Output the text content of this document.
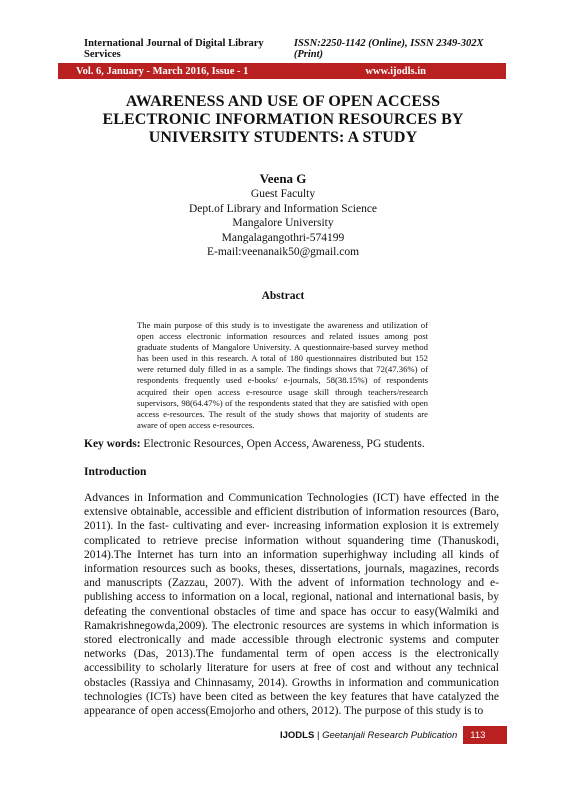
International Journal of Digital Library Services
ISSN:2250-1142 (Online), ISSN 2349-302X (Print)
Vol. 6, January - March 2016, Issue - 1	www.ijodls.in
AWARENESS AND USE OF OPEN ACCESS
ELECTRONIC INFORMATION RESOURCES BY
UNIVERSITY STUDENTS: A STUDY
Veena G
Guest Faculty
Dept.of Library and Information Science
Mangalore University
Mangalagangothri-574199
E-mail:veenanaik50@gmail.com
Abstract
The main purpose of this study is to investigate the awareness and utilization of open access electronic information resources and related issues among post graduate students of Mangalore University. A questionnaire-based survey method has been used in this research. A total of 180 questionnaires distributed but 152 were returned duly filled in as a sample. The findings shows that 72(47.36%) of respondents frequently used e-books/ e-journals, 58(38.15%) of respondents acquired their open access e-resource usage skill through teachers/research supervisors, 98(64.47%) of the respondents stated that they are satisfied with open access e-resources. The result of the study shows that majority of students are aware of open access e-resources.
Key words: Electronic Resources, Open Access, Awareness, PG students.
Introduction
Advances in Information and Communication Technologies (ICT) have effected in the extensive obtainable, accessible and efficient distribution of information resources (Baro, 2011). In the fast- cultivating and ever- increasing information explosion it is extremely complicated to retrieve precise information without squandering time (Thanuskodi, 2014).The Internet has turn into an information superhighway including all kinds of information resources such as books, theses, dissertations, journals, magazines, records and manuscripts (Zazzau, 2007). With the advent of information technology and e-publishing access to information on a local, regional, national and international basis, by defeating the conventional obstacles of time and space has occur to easy(Walmiki and Ramakrishnegowda,2009). The electronic resources are systems in which information is stored electronically and made accessible through electronic systems and computer networks (Das, 2013).The fundamental term of open access is the electronically accessibility to scholarly literature for users at free of cost and without any technical obstacles (Rassiya and Chinnasamy, 2014). Growths in information and communication technologies (ICTs) have been cited as between the key features that have catalyzed the appearance of open access(Emojorho and others, 2012). The purpose of this study is to
IJODLS | Geetanjali Research Publication	113
